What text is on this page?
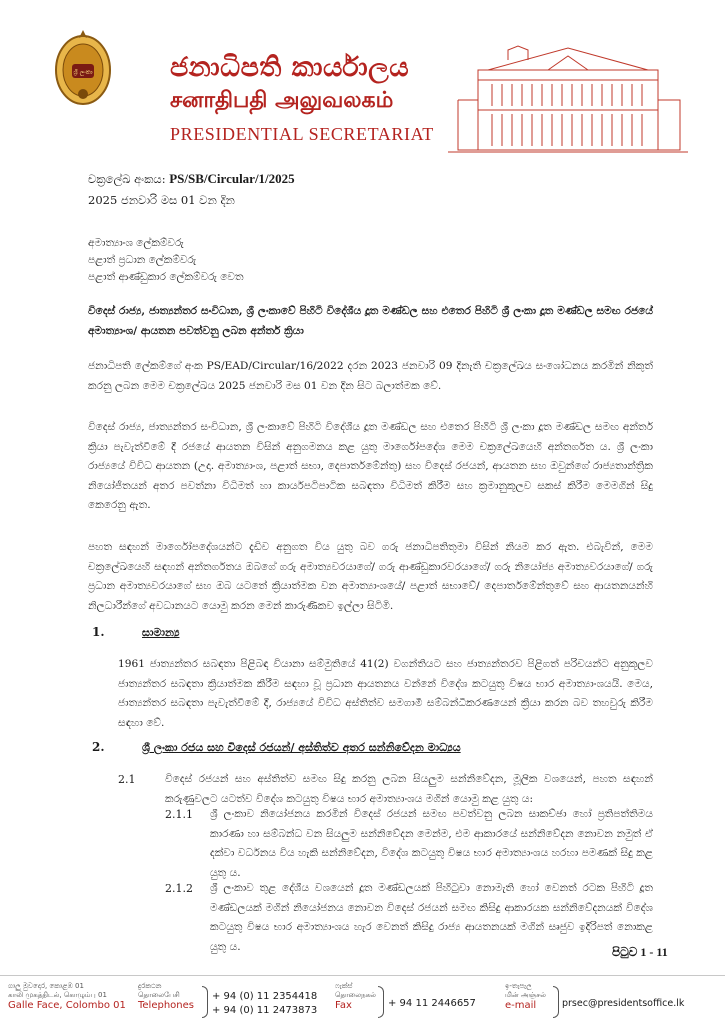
ශ්‍රී ලංකා	ජනාධිපති කාර්යාලය
சனாதிபதி அலுவலகம்
PRESIDENTIAL SECRETARIAT
චක්‍රලේඛ අංකය: PS/SB/Circular/1/2025
2025 ජනවාරි මස 01 වන දින
අමාත්‍යාංශ ලේකම්වරු
පළාත් ප්‍රධාන ලේකම්වරු
පළාත් ආණ්ඩුකාර ලේකම්වරු වෙත
විදෙස් රාජ්‍ය, ජාත්‍යන්තර සංවිධාන, ශ්‍රී ලංකාවේ පිහිටි විදේශීය දූත මණ්ඩල සහ එතෙර පිහිටි ශ්‍රී ලංකා දූත මණ්ඩල සමඟ රජයේ අමාත්‍යාංශ/ ආයතන පවත්වනු ලබන අන්තර් ක්‍රියා
ජනාධිපති ලේකම්ගේ අංක PS/EAD/Circular/16/2022 දරන 2023 ජනවාරි 09 දිනැති චක්‍රලේඛය සංශෝධනය කරමින් නිකුත් කරනු ලබන මෙම චක්‍රලේඛය 2025 ජනවාරි මස 01 වන දින සිට බලාත්මක වේ.
විදෙස් රාජ්‍ය, ජාත්‍යන්තර සංවිධාන, ශ්‍රී ලංකාවේ පිහිටි විදේශීය දූත මණ්ඩල සහ එතෙර පිහිටි ශ්‍රී ලංකා දූත මණ්ඩල සමඟ අන්තර් ක්‍රියා පැවැත්වීමේ දී රජයේ ආයතන විසින් අනුගමනය කළ යුතු මාර්ගෝපදේශ මෙම චක්‍රලේඛයෙහි අන්තර්ගත ය. ශ්‍රී ලංකා රාජ්‍යයේ විවිධ ආයතන (උදා. අමාත්‍යාංශ, පළාත් සභා, දෙපාර්තමේන්තු) සහ විදෙස් රජයන්, ආයතන සහ ඔවුන්ගේ රාජ්‍යතාන්ත්‍රික නියෝජිතයන් අතර පවත්නා විධිමත් හා කාර්යපටිපාටික සබඳතා විධිමත් කිරීම සහ ක්‍රමානුකූලව සකස් කිරීම මෙමගින් සිදු කෙරෙනු ඇත.
පහත සඳහන් මාර්ගෝපදේශයන්ට දැඩිව අනුගත විය යුතු බව ගරු ජනාධිපතිතුමා විසින් නියම කර ඇත. එබැවින්, මෙම චක්‍රලේඛයෙහි සඳහන් අන්තර්ගතය ඔබගේ ගරු අමාත්‍යවරයාගේ/ ගරු ආණ්ඩුකාරවරයාගේ/ ගරු නියෝජ්‍ය අමාත්‍යවරයාගේ/ ගරු ප්‍රධාන අමාත්‍යවරයාගේ සහ ඔබ යටතේ ක්‍රියාත්මක වන අමාත්‍යාංශයේ/ පළාත් සභාවේ/ දෙපාර්තමේන්තුවේ සහ ආයතනයන්හි නිලධාරීන්ගේ අවධානයට යොමු කරන මෙන් කාරුණිකව ඉල්ලා සිටිමි.
1.	සාමාන්‍ය
1961 ජාත්‍යන්තර සබඳතා පිළිබඳ වියානා සම්මුතියේ 41(2) වගන්තියට සහ ජාත්‍යන්තරව පිළිගත් පරිචයන්ට අනුකූලව ජාත්‍යන්තර සබඳතා ක්‍රියාත්මක කිරීම සඳහා වූ ප්‍රධාන ආයතනය වන්නේ විදේශ කටයුතු විෂය භාර අමාත්‍යාංශයයි. මෙය, ජාත්‍යන්තර සබඳතා පැවැත්වීමේ දී, රාජ්‍යයේ විවිධ අස්තිත්ව සමගාමී සම්බන්ධීකරණයෙන් ක්‍රියා කරන බව තහවුරු කිරීම සඳහා වේ.
2.	ශ්‍රී ලංකා රජය සහ විදෙස් රජයන්/ අස්තිත්ව අතර සන්නිවේදන මාධ්‍යය
2.1	විදෙස් රජයන් සහ අස්තිත්ව සමඟ සිදු කරනු ලබන සියලුම සන්නිවේදන, මූලික වශයෙන්, පහත සඳහන් කරුණුවලට යටත්ව විදේශ කටයුතු විෂය භාර අමාත්‍යාංශය මගින් යොමු කළ යුතු ය:
2.1.1 ශ්‍රී ලංකාව නියෝජනය කරමින් විදෙස් රජයන් සමඟ පවත්වනු ලබන සාකච්ඡා හෝ ප්‍රතිපත්තිමය කාරණා හා සම්බන්ධ වන සියලුම සන්නිවේදන මෙන්ම, එම ආකාරයේ සන්නිවේදන නොවන නමුත් ඒ දක්වා වර්ධනය විය හැකි සන්නිවේදන, විදේශ කටයුතු විෂය භාර අමාත්‍යාංශය හරහා පමණක් සිදු කළ යුතු ය.
2.1.2 ශ්‍රී ලංකාව තුළ දේශීය වශයෙන් දූත මණ්ඩලයක් පිහිටුවා නොමැති හෝ වෙනත් රටක පිහිටි දූත මණ්ඩලයක් මගින් නියෝජනය නොවන විදෙස් රජයන් සමඟ කිසිදු ආකාරයක සන්නිවේදනයක් විදේශ කටයුතු විෂය භාර අමාත්‍යාංශය හැර වෙනත් කිසිදු රාජ්‍ය ආයතනයක් මගින් සෘජුව ඉදිරිපත් නොකළ යුතු ය.	පිටුව 1 - 11
ගාලු මුවදොර, කොළඹ 01
காலி முகத்திடல், கொழும்பு 01
Galle Face, Colombo 01
දුරකථන
தொலைபேசி
Telephones
+ 94 (0) 11 2354418
+ 94 (0) 11 2473873
ෆැක්ස්
தொலைநகல்
Fax	+ 94 11 2446657
ඉ-තැපැල
மின் அஞ்சல்
e-mail	prsec@presidentsoffice.lk
